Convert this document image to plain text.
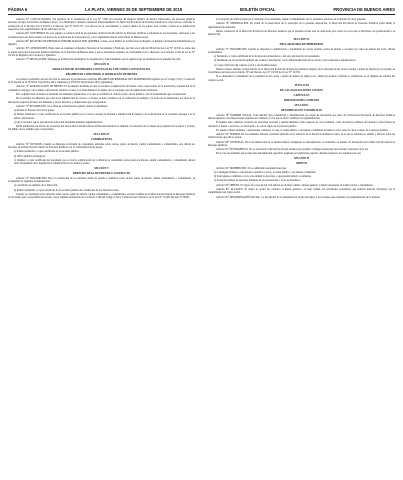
PÁGINA 6	LA PLATA, VIERNES 25 DE SEPTIEMBRE DE 2015	BOLETÍN OFICIAL	PROVINCIA DE BUENOS AIRES

Artículo 67° CONVOCATORIA. Sin perjuicio de lo establecido en la Ley N° 7.005 de Creación del Registro Público de Juicios Universales, las personas jurídicas privadas, excepto la Provincia de Buenos Aires, y los Municipios, deberán comunicar fehacientemente a la Dirección Provincial de Personas Jurídicas la convocatoria, conforme lo establecido en el Decreto-Ley 9.118/78 y el Decreto Ley N° 8.671/76, a los efectos de su conocimiento y control, dentro de los quince días corridos a partir de la publicación respectiva, bajo apercibimiento de las sanciones de ley.

Artículo 68° CONTENIDO. De este registro se tomará razón de las gestiones de Dirección Provincial de Personas Jurídicas e informará de las novedades, sanciones y sus actualizaciones que deba asentar con motivo de la aplicación de la presente ley y de la reglamentación de la Provincia de Buenos Aires.

Artículo 69° REGISTRO DE PERSONAS INHABILITADAS POR QUIEBRA. Créase, en el ámbito de la Dirección de Registro el Registro de Personas Inhabilitadas por Quiebra.

Artículo 70° CONDICIONES. Hasta tanto se constituya el Registro Nacional de Sociedades y Entidades, previsto en el artículo 98 del Decreto Ley N° 19.550, se exige que se tomen razón de las personas jurídicas inscriptas en la Provincia de Buenos Aires y que se encuentren vigentes, de conformidad con lo dispuesto en el artículo 14 bis de la Ley N° 24.522 de Registros de Concursos y Quiebras.

Artículo 71° DELEGACIÓN. Delégase en la Dirección de Registro la organización y funcionamiento de los registros que se establecen en la presente Sección.

SECCIÓN II

DISOLUCIÓN DE SOCIEDADES CONYUGALES Y DE UNIÓN CONVIVENCIAL

RÉGIMEN DE COMUNIDAD O SEPARACIÓN DE BIENES

Al optarse la normativa de esta Sección se adecuará la presentación conforme RÉGIMEN PATRIMONIAL DEL MATRIMONIO regulado por el Código Civil y Comercial de la Nación en su TÍTULO II (artículos 446 y siguientes) y TÍTULO III (artículos 509 y siguientes).

Artículo 72° ADJUDICACIÓN DE BIENES. El documento mediante el cual se inscriba la adjudicación de bienes como consecuencia de la disolución y liquidación de la comunidad conyugal o de la unión convivencial, incluirá la causa y los fallecimientos de alguno de los cónyuges, previa adjudicación de bienes.

En la adjudicación de bienes se incluirán los inmuebles gananciales a los que se acreditará el carácter propio de los mismos, con las formalidades que correspondan.

En la escritura de adhesión, así como en la adjudicación de cuotas o acciones, se debe acreditar con el certificado de dominio y la fecha de su adquisición, los datos de la inscripción registral del bien, del inmueble y de los derechos y obligaciones que correspondan.

Artículo 73° INSCRIPCIÓN. A los fines de la inscripción registral, deberá acompañarse:

a) Partida de Estado Civil de las partes.

b) Primer testimonio y copia certificada de la escritura pública por la cual se acuerde la división y adjudicación de bienes y de la disolución de la sociedad conyugal o de la unión convivencial.

c) Otros recaudos que la autoridad de aplicación determine mediante reglamentación.

Dicha publicidad con efectos de la inscripción ante la Dirección Provincial de Personas Jurídicas se limitará a la situación de los bienes de propiedad de las partes y el plazo del último de los trámites que correspondan.

SECCIÓN IV

COMPRAVENTA

Artículo 74° DIVISIÓN. Cuando se disponga la división de condominio existente sobre cuotas, partes de interés, capital comanditario o comanditado, este deberá ser inscripto en la Dirección Provincial de Personas Jurídicas con la conformidad de las partes:

a) Primer testimonio o copia certificada de la escritura pública.

b) Oficio judicial del Registro.

c) Original y copia certificada del documento por el cual la adjudicación de la división de condominio sobre partes de interés, capital comanditario o comanditado deberá estar acompañado de la liquidación y adjudicación de los bienes sociales.

SECCIÓN V

DERECHO REAL DE PRENDA Y USUFRUCTO

Artículo 75° INSCRIPCIÓN. Para la constitución de los derechos reales de prenda y usufructo sobre cuotas, partes de interés, capital comanditario o comanditado, se acompañará la siguiente documentación:

a) Certificado de dominio de la Dirección.

b) Primer testimonio o copia certificada de la escritura pública de constitución de los derechos reales.

Cuando se constituyan estos derechos sobre cuotas, partes de interés, capital comanditario o comanditado, se hará a nombre de la Dirección Provincial de Personas Jurídicas de los bienes que correspondan de acuerdo con el régimen establecido en el artículo 2.199 del Código Civil y Comercial de la Nación y en la Ley N° 12.062 Decreto N° 80/85.

La recepción de notificaciones en el domicilio real constituido, según el cumplimiento de los requisitos previstos en el artículo 45 de la presente.

Artículo 76° OBSERVACIÓN. En virtud de la observancia de lo prescripto en la presente disposición, la Dirección Provincial de Personas Jurídicas podrá emitir la reglamentación pertinente.

Déjase constancia en la Dirección Provincial de Personas Jurídicas que la presente norma será de aplicación para todos los actos que se inscriban con posterioridad a su publicación.

SECCIÓN VI

DECLARATORIA DE HEREDEROS

Artículo 77° INSCRIPCIÓN. Cuando se disponga la adjudicación o transmisión de cuotas sociales, partes de interés o acciones por causa de muerte del socio, deberá acompañarse:

a) Testimonio o copia certificada de la declaratoria de herederos o del auto aprobatorio del testamento.

b) Testimonio de la resolución judicial que ordena la inscripción, con la individualización de las cuotas y de los herederos adjudicatarios.

c) Copia certificada del contrato social y sus modificaciones.

Deberá constar, además, la intervención de la Dirección Provincial de Personas Jurídicas respecto de la situación de las cuotas sociales o partes de interés de la sociedad, en los términos previstos en el artículo 155 del Decreto Ley N° 19.550 de la Ley N° 19.550.

Si se dispusiera la transmisión de la totalidad de las cuotas o partes de interés de algún socio, deberá procederse conforme lo establecido en el régimen de reforma del contrato social.

TÍTULO III

DE LAS ASOCIACIONES CIVILES

CAPÍTULO I

DISPOSICIONES COMUNES

SECCIÓN I

DENOMINACIÓN Y DOMICILIO

Artículo 78° NOMBRE SOCIAL. Toda entidad cuya constitución y denominación sea objeto de inscripción por parte de la Dirección Provincial de Personas Jurídicas deberá ajustarse a las disposiciones vigentes en la materia y a las que al efecto establezca la reglamentación.

El nombre debe satisfacer recaudos de veracidad, novedad y aptitud distintiva, tanto respecto de otros nombres, como de marcas, nombres de fantasía u otras formas de referencia a bienes o servicios, se relacionen o no con el objeto de la persona jurídica.

No puede contener términos o expresiones contrarios a la ley, el orden público o las buenas costumbres ni inducir a error sobre la clase u objeto de la persona jurídica.

Artículo 79° DOMICILIO. Las entidades deberán constituir domicilio en el territorio de la Provincia de Buenos Aires, en el que se tendrán por válidas y eficaces todas las notificaciones que allí se cursen.

Artículo 80° LEYENDAS. En la documentación de la entidad deberá consignarse su denominación, su domicilio, su número de inscripción en la Dirección Provincial de Personas Jurídicas.

Artículo 81° FUNDAMENTO. No se autorizará la inscripción de una entidad cuyo nombre contenga expresiones que resulten violatorias de la ley.

En el caso de entidades que posean una denominación específica asignada por legislación especial, deberán respetarse los requisitos de esta.

SECCIÓN II

OBJETO

Artículo 82° PROHIBICIÓN. No se admitirán denominaciones que:

a) Contengan términos o expresiones contrarios a la ley, el orden público o las buenas costumbres.

b) Sean iguales o similares a la de otra entidad ya inscripta, o que puedan inducir a confusión.

c) Incluyan nombres de personas humanas sin su autorización o la de sus herederos.

Artículo 83° OBJETO. El objeto de la asociación civil deberá ser de bien común o interés general, y deberá expresarse en forma precisa y determinada.

Artículo 84° ALCANCE. El objeto no podrá ser contrario al interés general o al bien común; las actividades económicas que realicen deberán vincularse con el cumplimiento del objeto social.

Artículo 85° DENOMINACIÓN SOCIAL. La inscripción de la denominación social está sujeta a los recaudos que establezca la reglamentación de la materia.
